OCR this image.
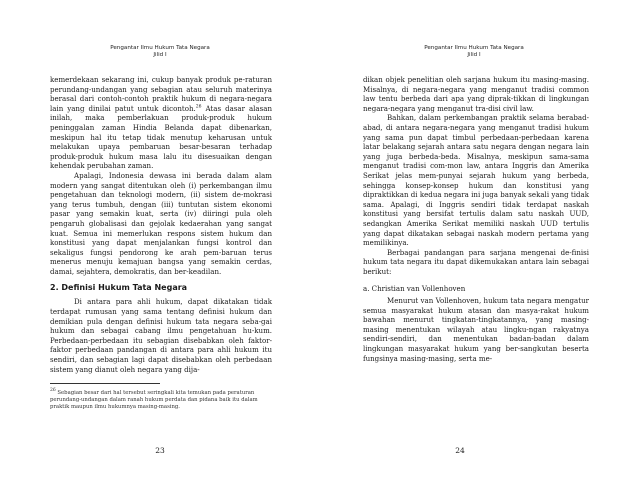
Pengantar Ilmu Hukum Tata Negara
Jilid I

kemerdekaan sekarang ini, cukup banyak produk pe-raturan perundang-undangan yang sebagian atau seluruh materinya berasal dari contoh-contoh praktik hukum di negara-negara lain yang dinilai patut untuk dicontoh.$^{26}$ Atas dasar alasan inilah, maka pemberlakuan produk-produk hukum peninggalan zaman Hindia Belanda dapat dibenarkan, meskipun hal itu tetap tidak menutup keharusan untuk melakukan upaya pembaruan besar-besaran terhadap produk-produk hukum masa lalu itu disesuaikan dengan kehendak perubahan zaman.

Apalagi, Indonesia dewasa ini berada dalam alam modern yang sangat ditentukan oleh (i) perkembangan ilmu pengetahuan dan teknologi modern, (ii) sistem de-mokrasi yang terus tumbuh, dengan (iii) tuntutan sistem ekonomi pasar yang semakin kuat, serta (iv) diiringi pula oleh pengaruh globalisasi dan gejolak kedaerahan yang sangat kuat. Semua ini memerlukan respons sistem hukum dan konstitusi yang dapat menjalankan fungsi kontrol dan sekaligus fungsi pendorong ke arah pem-baruan terus menerus menuju kemajuan bangsa yang semakin cerdas, damai, sejahtera, demokratis, dan ber-keadilan.

2. Definisi Hukum Tata Negara

Di antara para ahli hukum, dapat dikatakan tidak terdapat rumusan yang sama tentang definisi hukum dan demikian pula dengan definisi hukum tata negara seba-gai hukum dan sebagai cabang ilmu pengetahuan hu-kum. Perbedaan-perbedaan itu sebagian disebabkan oleh faktor-faktor perbedaan pandangan di antara para ahli hukum itu sendiri, dan sebagian lagi dapat disebabkan oleh perbedaan sistem yang dianut oleh negara yang dija-

$^{26}$ Sebagian besar dari hal tersebut seringkali kita temukan pada peraturan perundang-undangan dalam ranah hukum perdata dan pidana baik itu dalam praktik maupun ilmu hukumnya masing-masing.
23
Pengantar Ilmu Hukum Tata Negara
Jilid I

dikan objek penelitian oleh sarjana hukum itu masing-masing. Misalnya, di negara-negara yang menganut tradisi common law tentu berbeda dari apa yang diprak-tikkan di lingkungan negara-negara yang menganut tra-disi civil law.

Bahkan, dalam perkembangan praktik selama berabad-abad, di antara negara-negara yang menganut tradisi hukum yang sama pun dapat timbul perbedaan-perbedaan karena latar belakang sejarah antara satu negara dengan negara lain yang juga berbeda-beda. Misalnya, meskipun sama-sama menganut tradisi com-mon law, antara Inggris dan Amerika Serikat jelas mem-punyai sejarah hukum yang berbeda, sehingga konsep-konsep hukum dan konstitusi yang dipraktikkan di kedua negara ini juga banyak sekali yang tidak sama. Apalagi, di Inggris sendiri tidak terdapat naskah konstitusi yang bersifat tertulis dalam satu naskah UUD, sedangkan Amerika Serikat memiliki naskah UUD tertulis yang dapat dikatakan sebagai naskah modern pertama yang memilikinya.

Berbagai pandangan para sarjana mengenai de-finisi hukum tata negara itu dapat dikemukakan antara lain sebagai berikut:

a. Christian van Vollenhoven

Menurut van Vollenhoven, hukum tata negara mengatur semua masyarakat hukum atasan dan masya-rakat hukum bawahan menurut tingkatan-tingkatannya, yang masing-masing menentukan wilayah atau lingku-ngan rakyatnya sendiri-sendiri, dan menentukan badan-badan dalam lingkungan masyarakat hukum yang ber-sangkutan beserta fungsinya masing-masing, serta me-

24
